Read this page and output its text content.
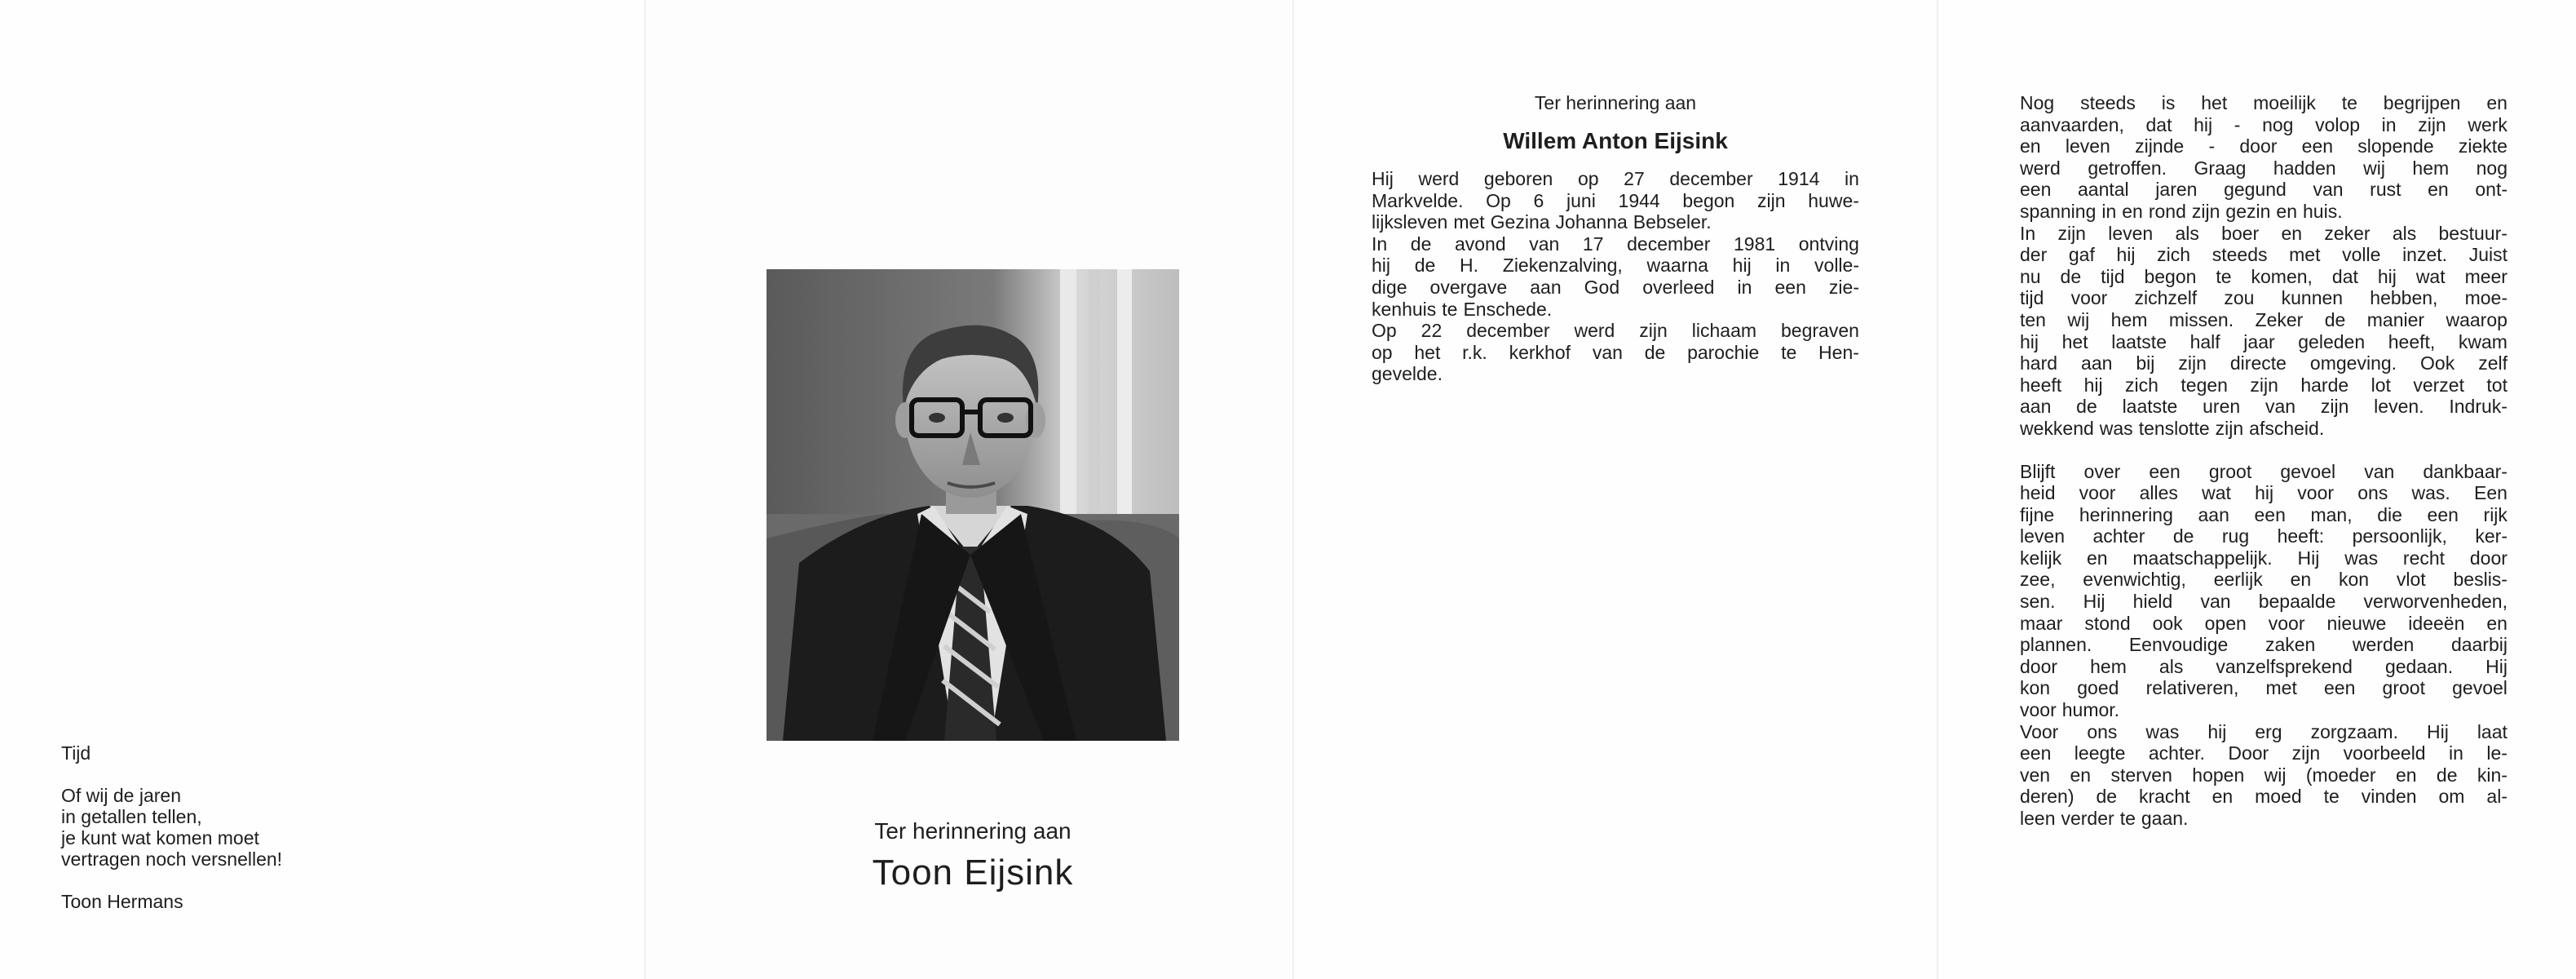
Tijd
Of wij de jaren
in getallen tellen,
je kunt wat komen moet
vertragen noch versnellen!
Toon Hermans
Ter herinnering aan
Toon Eijsink
Ter herinnering aan
Willem Anton Eijsink
Hij werd geboren op 27 december 1914 in
Markvelde. Op 6 juni 1944 begon zijn huwe-
lijksleven met Gezina Johanna Bebseler.
In de avond van 17 december 1981 ontving
hij de H. Ziekenzalving, waarna hij in volle-
dige overgave aan God overleed in een zie-
kenhuis te Enschede.
Op 22 december werd zijn lichaam begraven
op het r.k. kerkhof van de parochie te Hen-
gevelde.
Nog steeds is het moeilijk te begrijpen en
aanvaarden, dat hij - nog volop in zijn werk
en leven zijnde - door een slopende ziekte
werd getroffen. Graag hadden wij hem nog
een aantal jaren gegund van rust en ont-
spanning in en rond zijn gezin en huis.
In zijn leven als boer en zeker als bestuur-
der gaf hij zich steeds met volle inzet. Juist
nu de tijd begon te komen, dat hij wat meer
tijd voor zichzelf zou kunnen hebben, moe-
ten wij hem missen. Zeker de manier waarop
hij het laatste half jaar geleden heeft, kwam
hard aan bij zijn directe omgeving. Ook zelf
heeft hij zich tegen zijn harde lot verzet tot
aan de laatste uren van zijn leven. Indruk-
wekkend was tenslotte zijn afscheid.
Blijft over een groot gevoel van dankbaar-
heid voor alles wat hij voor ons was. Een
fijne herinnering aan een man, die een rijk
leven achter de rug heeft: persoonlijk, ker-
kelijk en maatschappelijk. Hij was recht door
zee, evenwichtig, eerlijk en kon vlot beslis-
sen. Hij hield van bepaalde verworvenheden,
maar stond ook open voor nieuwe ideeën en
plannen. Eenvoudige zaken werden daarbij
door hem als vanzelfsprekend gedaan. Hij
kon goed relativeren, met een groot gevoel
voor humor.
Voor ons was hij erg zorgzaam. Hij laat
een leegte achter. Door zijn voorbeeld in le-
ven en sterven hopen wij (moeder en de kin-
deren) de kracht en moed te vinden om al-
leen verder te gaan.
